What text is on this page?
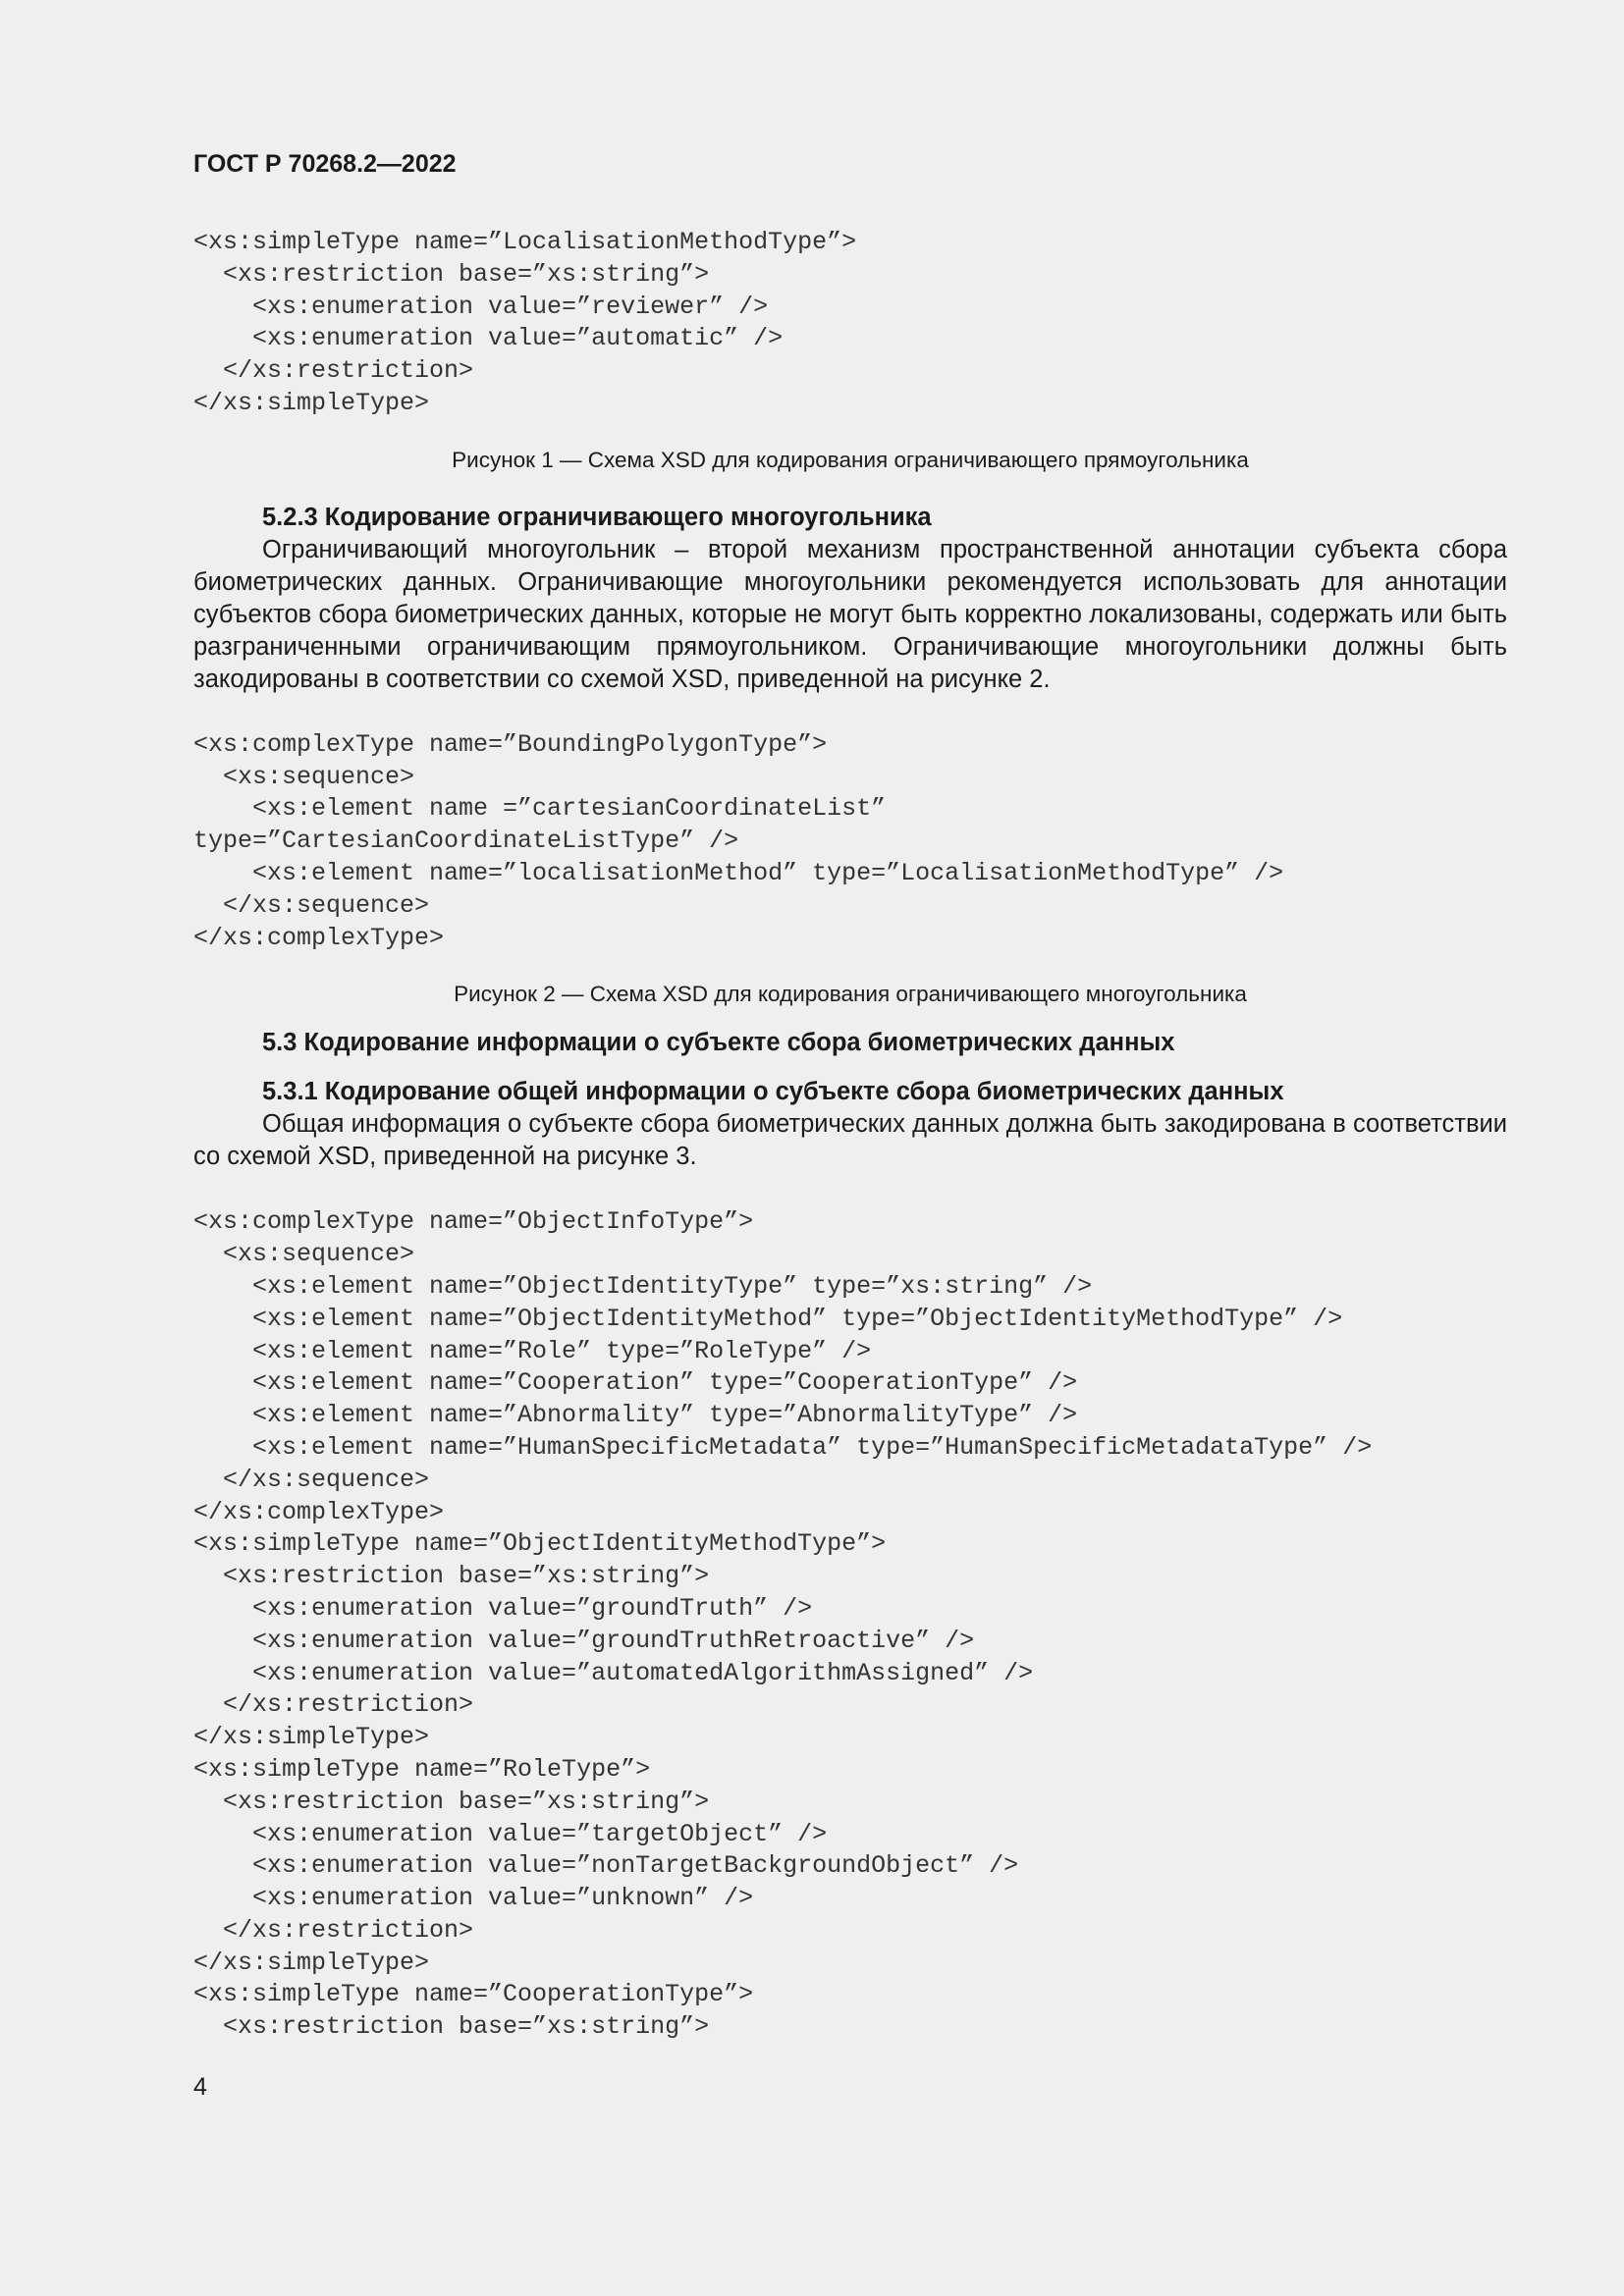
ГОСТ Р 70268.2—2022
<xs:simpleType name=”LocalisationMethodType”>
<xs:restriction base=”xs:string”>
<xs:enumeration value=”reviewer” />
<xs:enumeration value=”automatic” />
</xs:restriction>
</xs:simpleType>

Рисунок 1 — Схема XSD для кодирования ограничивающего прямоугольника

5.2.3 Кодирование ограничивающего многоугольника

Ограничивающий многоугольник – второй механизм пространственной аннотации субъекта сбора биометрических данных. Ограничивающие многоугольники рекомендуется использовать для аннотации субъектов сбора биометрических данных, которые не могут быть корректно локализованы, содержать или быть разграниченными ограничивающим прямоугольником. Ограничивающие многоугольники должны быть закодированы в соответствии со схемой XSD, приведенной на рисунке 2.

<xs:complexType name=”BoundingPolygonType”>
<xs:sequence>
<xs:element name =”cartesianCoordinateList”
type=”CartesianCoordinateListType” />
<xs:element name=”localisationMethod” type=”LocalisationMethodType” />
</xs:sequence>
</xs:complexType>

Рисунок 2 — Схема XSD для кодирования ограничивающего многоугольника

5.3 Кодирование информации о субъекте сбора биометрических данных

5.3.1 Кодирование общей информации о субъекте сбора биометрических данных

Общая информация о субъекте сбора биометрических данных должна быть закодирована в соответствии со схемой XSD, приведенной на рисунке 3.

<xs:complexType name=”ObjectInfoType”>
<xs:sequence>
<xs:element name=”ObjectIdentityType” type=”xs:string” />
<xs:element name=”ObjectIdentityMethod” type=”ObjectIdentityMethodType” />
<xs:element name=”Role” type=”RoleType” />
<xs:element name=”Cooperation” type=”CooperationType” />
<xs:element name=”Abnormality” type=”AbnormalityType” />
<xs:element name=”HumanSpecificMetadata” type=”HumanSpecificMetadataType” />
</xs:sequence>
</xs:complexType>
<xs:simpleType name=”ObjectIdentityMethodType”>
<xs:restriction base=”xs:string”>
<xs:enumeration value=”groundTruth” />
<xs:enumeration value=”groundTruthRetroactive” />
<xs:enumeration value=”automatedAlgorithmAssigned” />
</xs:restriction>
</xs:simpleType>
<xs:simpleType name=”RoleType”>
<xs:restriction base=”xs:string”>
<xs:enumeration value=”targetObject” />
<xs:enumeration value=”nonTargetBackgroundObject” />
<xs:enumeration value=”unknown” />
</xs:restriction>
</xs:simpleType>
<xs:simpleType name=”CooperationType”>
<xs:restriction base=”xs:string”>
4
